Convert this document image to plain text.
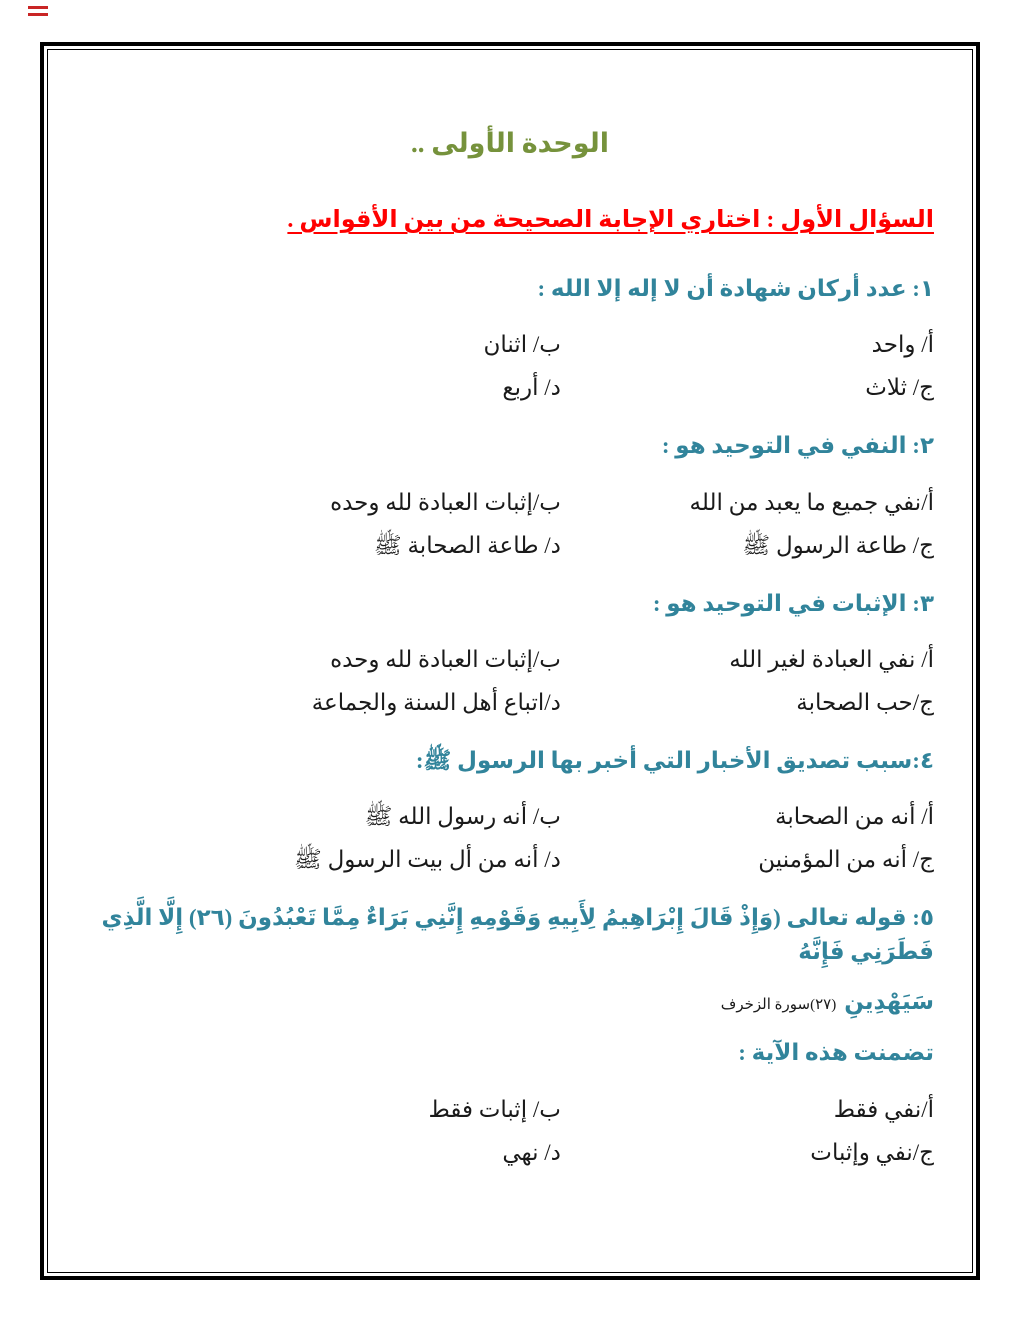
الوحدة الأولى ..
السؤال الأول : اختاري الإجابة الصحيحة من بين الأقواس .

١: عدد أركان شهادة أن لا إله إلا الله :

أ/ واحد
ب/ اثنان
ج/ ثلاث
د/ أربع

٢: النفي في التوحيد هو :

أ/نفي جميع ما يعبد من الله
ب/إثبات العبادة لله وحده
ج/ طاعة الرسول ﷺ
د/ طاعة الصحابة ﷺ

٣: الإثبات في التوحيد هو :

أ/ نفي العبادة لغير الله
ب/إثبات العبادة لله وحده
ج/حب الصحابة
د/اتباع أهل السنة والجماعة

٤:سبب تصديق الأخبار التي أخبر بها الرسول ﷺ:

أ/ أنه من الصحابة
ب/ أنه رسول الله ﷺ
ج/ أنه من المؤمنين
د/ أنه من أل بيت الرسول ﷺ

٥: قوله تعالى (وَإِذْ قَالَ إِبْرَاهِيمُ لِأَبِيهِ وَقَوْمِهِ إِنَّنِي بَرَاءٌ مِمَّا تَعْبُدُونَ (٢٦) إِلَّا الَّذِي فَطَرَنِي فَإِنَّهُ

سَيَهْدِينِ (٢٧)سورة الزخرف

تضمنت هذه الآية :

أ/نفي فقط
ب/ إثبات فقط
ج/نفي وإثبات
د/ نهي
